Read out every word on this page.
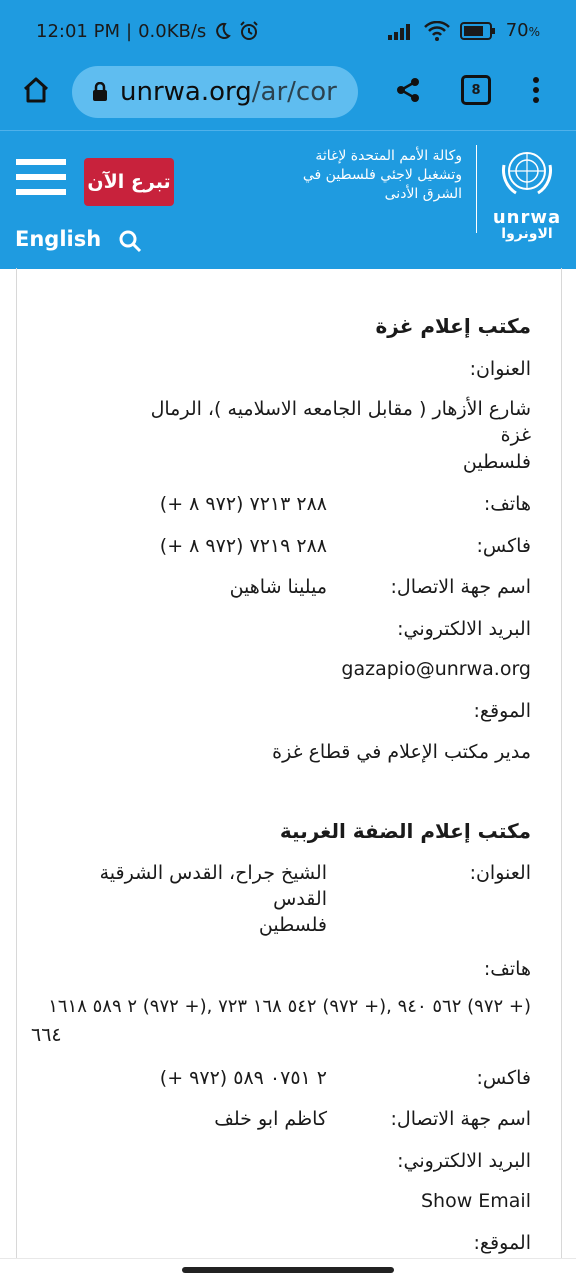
12:01 PM | 0.0KB/s	70%
unrwa.org/ar/cor	8
تبرع الآن
English
وكالة الأمم المتحدة لإغاثة وتشغيل لاجئي فلسطين في الشرق الأدنى
unrwa
الاونروا
مكتب إعلام غزة
العنوان:
شارع الأزهار ( مقابل الجامعه الاسلاميه )، الرمال
غزة
فلسطين
هاتف:
(+ ٩٧٢ ٨) ٢٨٨ ٧٢١٣
فاكس:
(+ ٩٧٢ ٨) ٢٨٨ ٧٢١٩
اسم جهة الاتصال:
ميلينا شاهين
البريد الالكتروني:
gazapio@unrwa.org
الموقع:
مدير مكتب الإعلام في قطاع غزة
مكتب إعلام الضفة الغربية
العنوان:
الشيخ جراح، القدس الشرقية
القدس
فلسطين
هاتف:
(+ ٩٧٢) ٥٦٢ ٩٤٠ ,(+ ٩٧٢) ٥٤٢ ١٦٨ ٧٢٣ ,(+ ٩٧٢) ٢ ٥٨٩ ١٦١٨
٦٦٤
فاكس:
(+ ٩٧٢) ٢ ٠٧٥١ ٥٨٩
اسم جهة الاتصال:
كاظم ابو خلف
البريد الالكتروني:
Show Email
الموقع:
